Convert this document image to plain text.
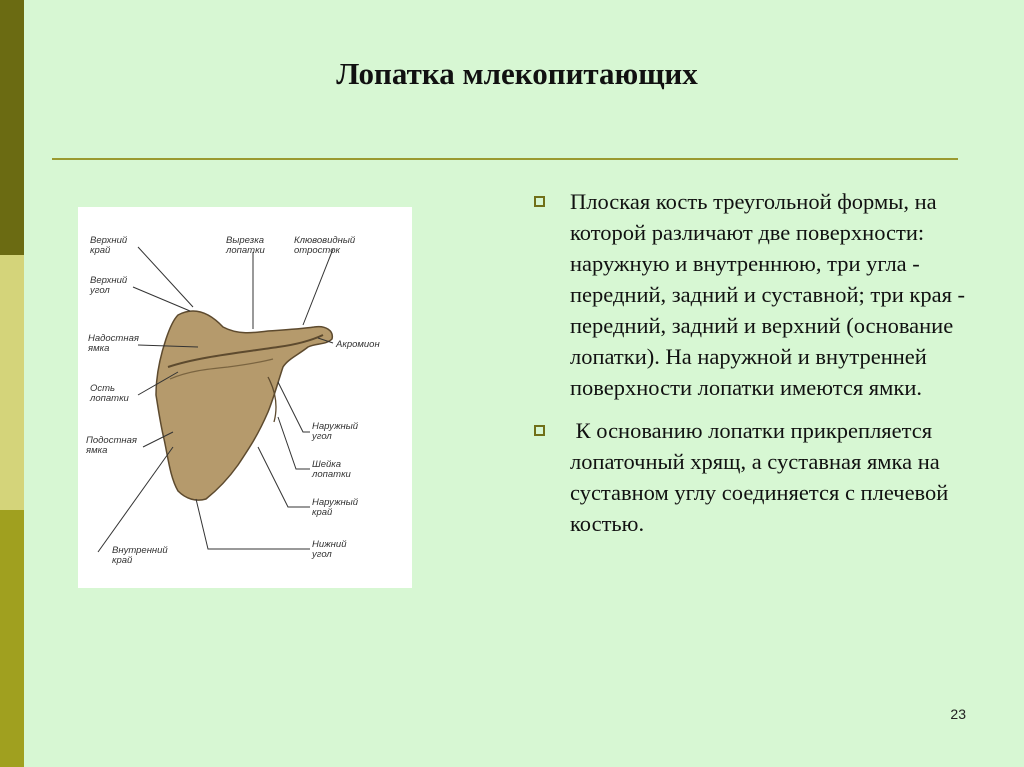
Лопатка млекопитающих
Верхний
край
Вырезка
лопатки
Клювовидный
отросток
Верхний
угол
Надостная
ямка	Акромион
Ость
лопатки
Наружный
угол
Подостная
ямка
Шейка
лопатки
Наружный
край
Внутренний
край
Нижний
угол
Плоская кость треугольной формы, на которой различают две поверхности: наружную и внутреннюю, три угла - передний, задний и суставной; три края - передний, задний и верхний (основание лопатки). На наружной и внутренней поверхности лопатки имеются ямки.
К основанию лопатки прикрепляется лопаточный хрящ, а суставная ямка на суставном углу соединяется с плечевой костью.
23
